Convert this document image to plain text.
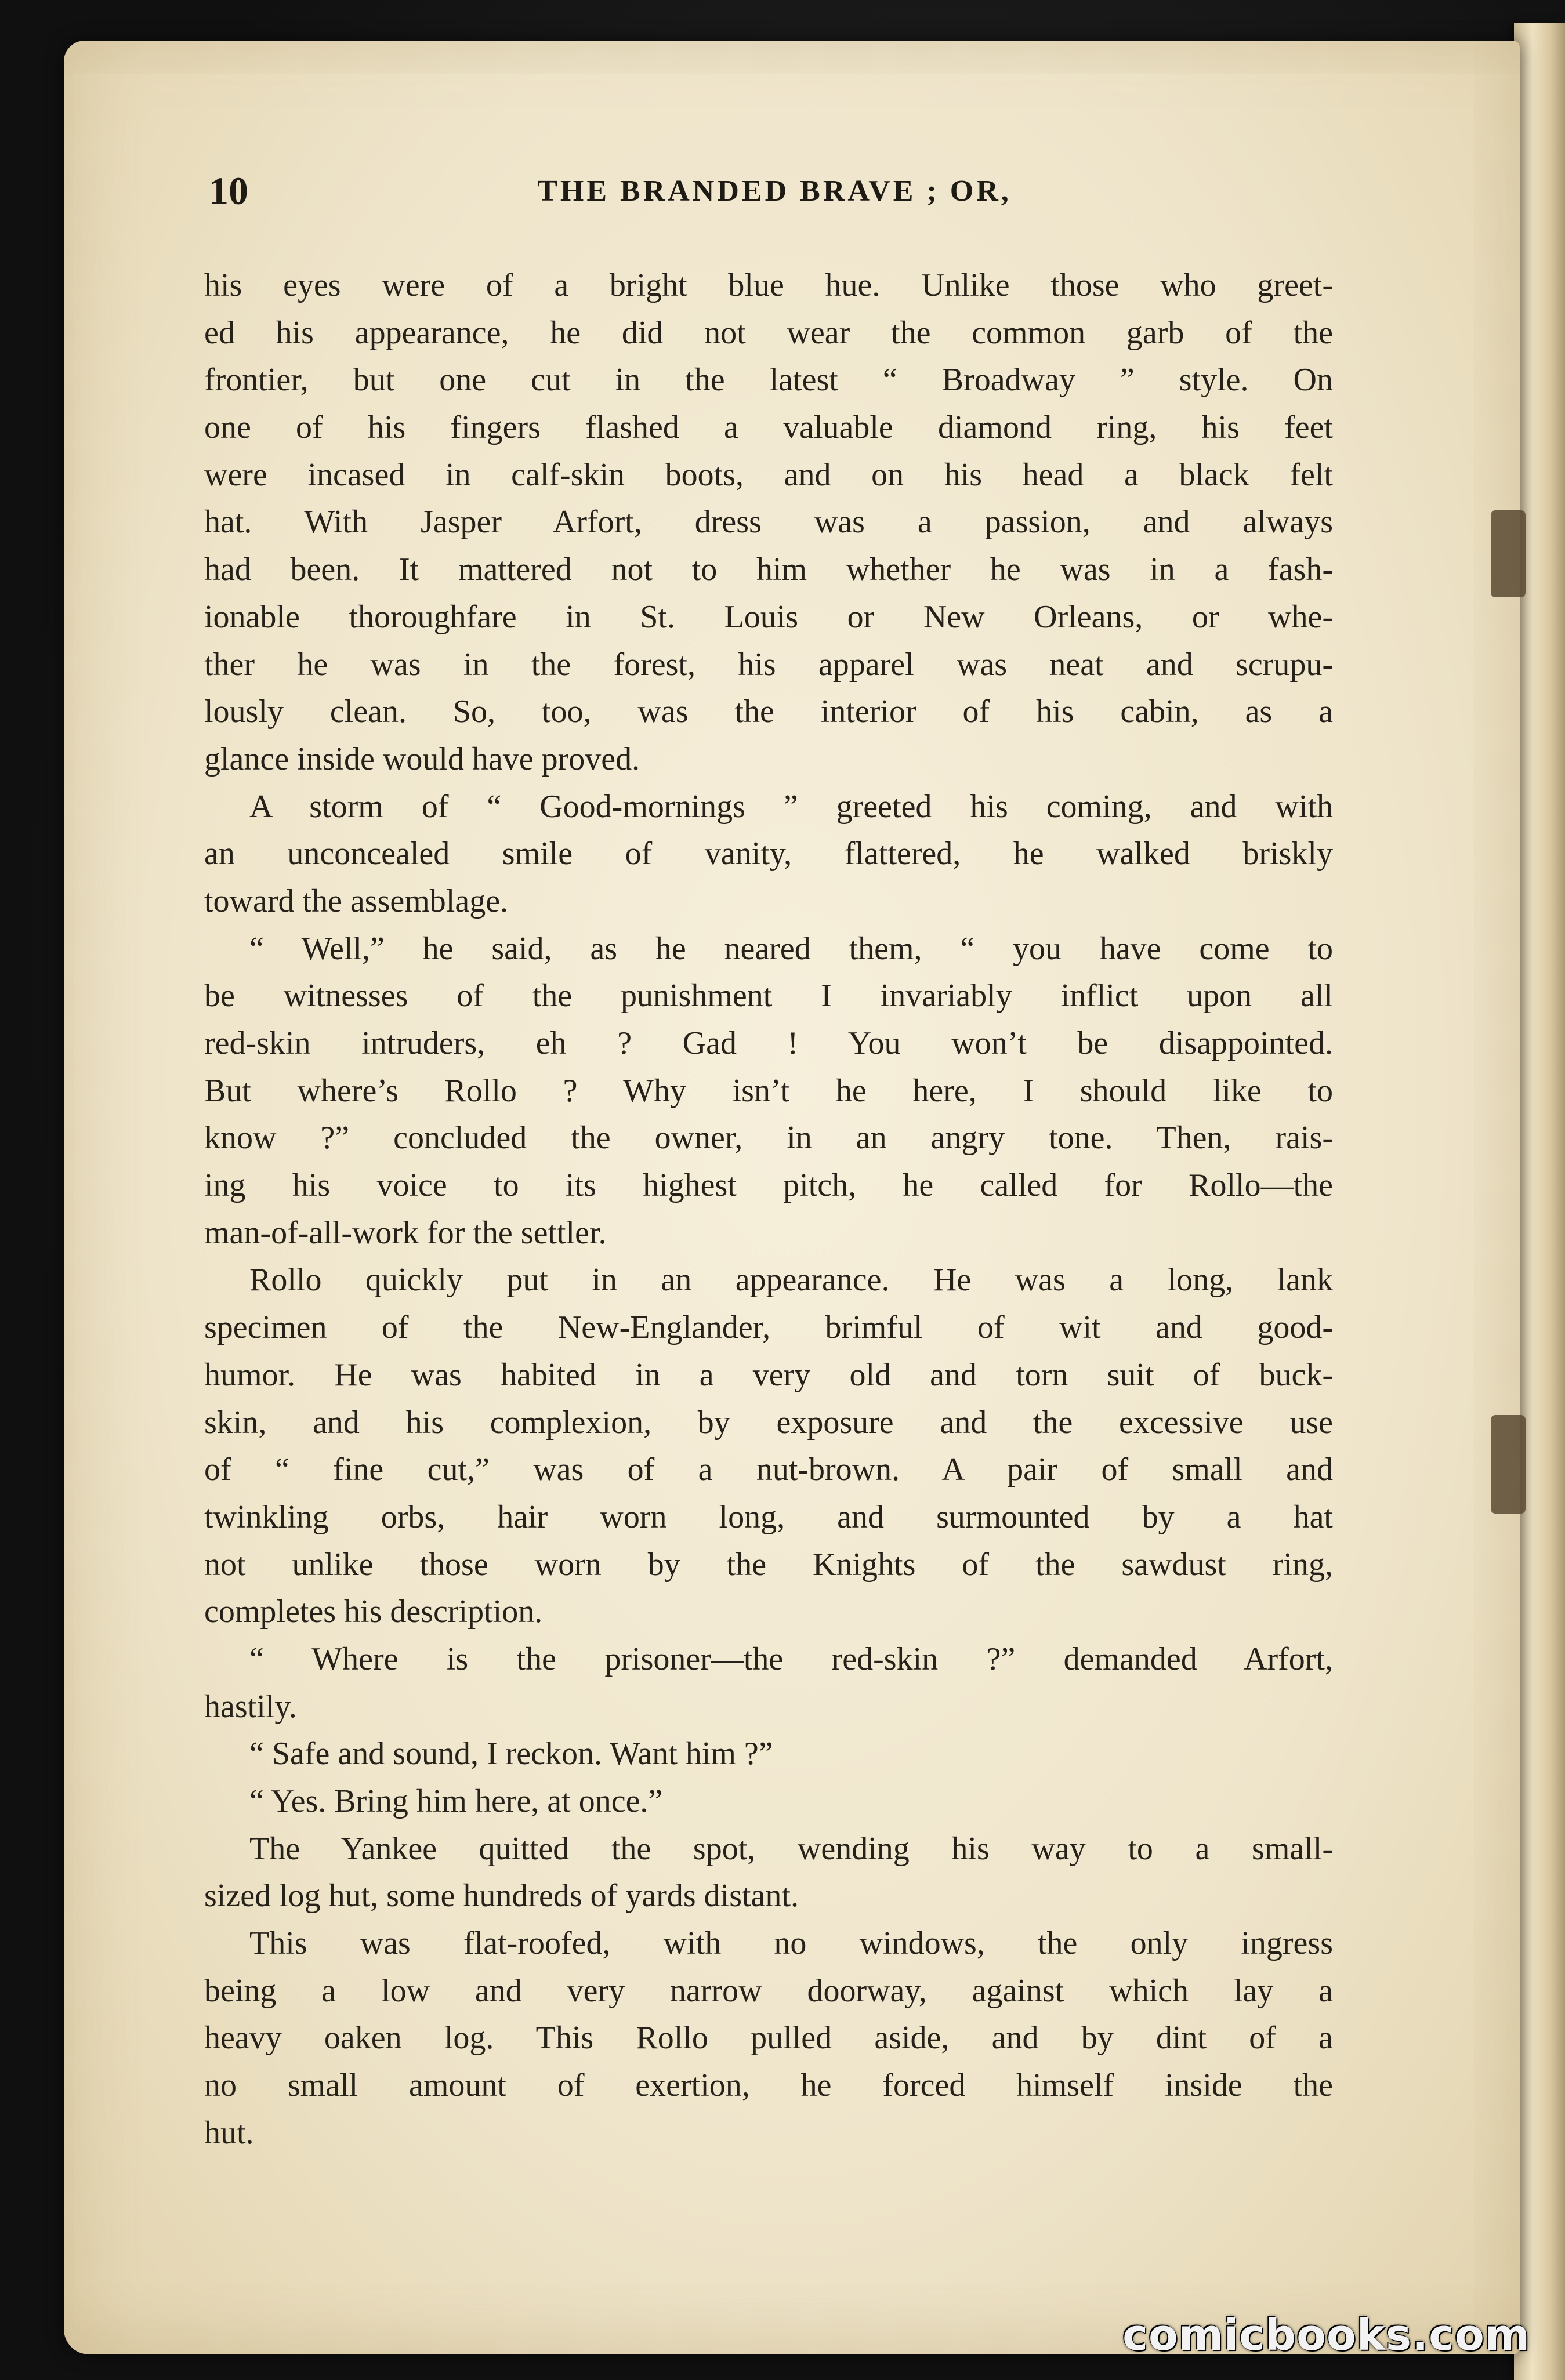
10	THE BRANDED BRAVE ; OR,
his eyes were of a bright blue hue. Unlike those who greet-
ed his appearance, he did not wear the common garb of the
frontier, but one cut in the latest “ Broadway ” style. On
one of his fingers flashed a valuable diamond ring, his feet
were incased in calf-skin boots, and on his head a black felt
hat. With Jasper Arfort, dress was a passion, and always
had been. It mattered not to him whether he was in a fash-
ionable thoroughfare in St. Louis or New Orleans, or whe-
ther he was in the forest, his apparel was neat and scrupu-
lously clean. So, too, was the interior of his cabin, as a
glance inside would have proved.
A storm of “ Good-mornings ” greeted his coming, and with
an unconcealed smile of vanity, flattered, he walked briskly
toward the assemblage.
“ Well,” he said, as he neared them, “ you have come to
be witnesses of the punishment I invariably inflict upon all
red-skin intruders, eh ? Gad ! You won’t be disappointed.
But where’s Rollo ? Why isn’t he here, I should like to
know ?” concluded the owner, in an angry tone. Then, rais-
ing his voice to its highest pitch, he called for Rollo—the
man-of-all-work for the settler.
Rollo quickly put in an appearance. He was a long, lank
specimen of the New-Englander, brimful of wit and good-
humor. He was habited in a very old and torn suit of buck-
skin, and his complexion, by exposure and the excessive use
of “ fine cut,” was of a nut-brown. A pair of small and
twinkling orbs, hair worn long, and surmounted by a hat
not unlike those worn by the Knights of the sawdust ring,
completes his description.
“ Where is the prisoner—the red-skin ?” demanded Arfort,
hastily.
“ Safe and sound, I reckon. Want him ?”
“ Yes. Bring him here, at once.”
The Yankee quitted the spot, wending his way to a small-
sized log hut, some hundreds of yards distant.
This was flat-roofed, with no windows, the only ingress
being a low and very narrow doorway, against which lay a
heavy oaken log. This Rollo pulled aside, and by dint of a
no small amount of exertion, he forced himself inside the
hut.
comicbooks.com
